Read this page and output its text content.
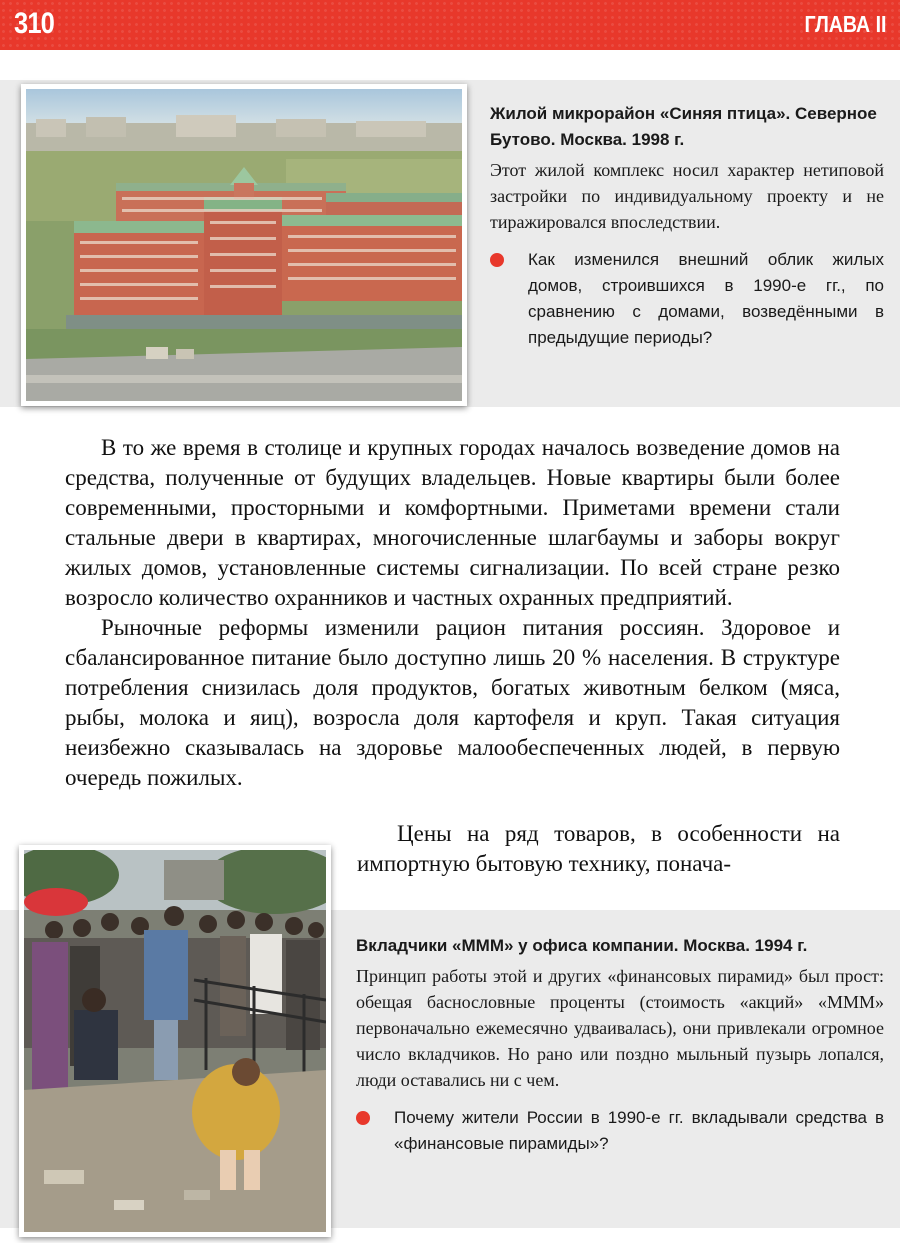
310	ГЛАВА II
Жилой микрорайон «Синяя птица». Северное Бутово. Москва. 1998 г.
Этот жилой комплекс носил характер нетиповой застройки по индивидуальному проекту и не тиражировался впоследствии.
Как изменился внешний облик жилых домов, строившихся в 1990-е гг., по сравнению с домами, возведёнными в предыдущие периоды?

В то же время в столице и крупных городах началось возведение домов на средства, полученные от будущих владельцев. Новые квартиры были более современными, просторными и комфортными. Приметами времени стали стальные двери в квартирах, многочисленные шлагбаумы и заборы вокруг жилых домов, установленные системы сигнализации. По всей стране резко возросло количество охранников и частных охранных предприятий.

Рыночные реформы изменили рацион питания россиян. Здоровое и сбалансированное питание было доступно лишь 20 % населения. В структуре потребления снизилась доля продуктов, богатых животным белком (мяса, рыбы, молока и яиц), возросла доля картофеля и круп. Такая ситуация неизбежно сказывалась на здоровье малообеспеченных людей, в первую очередь пожилых.

Цены на ряд товаров, в особенности на импортную бытовую технику, понача-
Вкладчики «МММ» у офиса компании. Москва. 1994 г.
Принцип работы этой и других «финансовых пирамид» был прост: обещая баснословные проценты (стоимость «акций» «МММ» первоначально ежемесячно удваивалась), они привлекали огромное число вкладчиков. Но рано или поздно мыльный пузырь лопался, люди оставались ни с чем.
Почему жители России в 1990-е гг. вкладывали средства в «финансовые пирамиды»?
